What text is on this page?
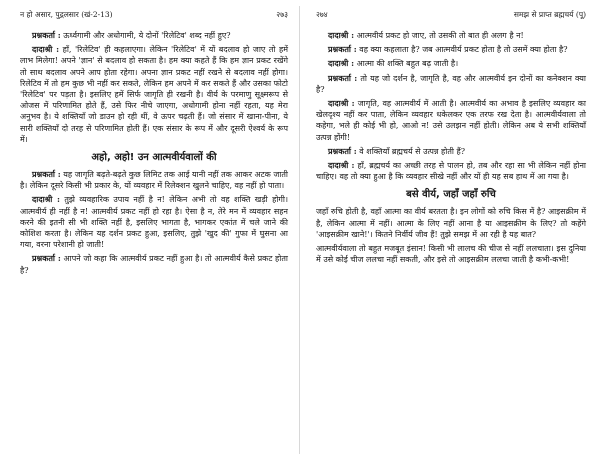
न हो असार, पुद्गलसार (खं-2-13)	२७३

प्रश्नकर्ता : ऊर्ध्वगामी और अधोगामी, ये दोनों 'रिलेटिव' शब्द नहीं हुए?

दादाश्री : हाँ, 'रिलेटिव' ही कहलाएगा। लेकिन 'रिलेटिव' में यों बदलाव हो जाए तो हमें लाभ मिलेगा! अपने 'ज्ञान' से बदलाव हो सकता है। हम क्या कहते हैं कि हम ज्ञान प्रकट रखेंगे तो साथ बदलाव अपने आप होता रहेगा। अपना ज्ञान प्रकट नहीं रखने से बदलाव नहीं होगा। रिलेटिव में तो हम कुछ भी नहीं कर सकते, लेकिन हम अपने में कर सकते हैं और उसका फोटो 'रिलेटिव' पर पड़ता है। इसलिए हमें सिर्फ जागृति ही रखनी है। वीर्य के परमाणु सूक्ष्मरूप से ओजस में परिणामित होते हैं, उसे फिर नीचे जाएगा, अधोगामी होना नहीं रहता, यह मेरा अनुभव है। ये शक्तियाँ जो डाउन हो रही थीं, वे ऊपर चढ़ती हैं। जो संसार में खाना-पीना, ये सारी शक्तियाँ दो तरह से परिणामित होती हैं। एक संसार के रूप में और दूसरी ऐश्वर्य के रूप में।

अहो, अहो! उन आत्मवीर्यवालों की

प्रश्नकर्ता : यह जागृति बढ़ते-बढ़ते कुछ लिमिट तक आई यानी नहीं तक आकर अटक जाती है। लेकिन दूसरे किसी भी प्रकार के, यों व्यवहार में रिलेक्शन खुलने चाहिए, वह नहीं हो पाता।

दादाश्री : तुझे व्यवहारिक उपाय नहीं है न! लेकिन अभी तो वह शक्ति खड़ी होगी। आत्मवीर्य ही नहीं है न! आत्मवीर्य प्रकट नहीं हो रहा है। ऐसा है न, तेरे मन में व्यवहार सहन करने की इतनी सी भी शक्ति नहीं है, इसलिए भागता है, भागकर एकांत में चले जाने की कोशिश करता है। लेकिन यह दर्शन प्रकट हुआ, इसलिए, तुझे 'खुद की' गुफा में घुसना आ गया, वरना परेशानी हो जाती!

प्रश्नकर्ता : आपने जो कहा कि आत्मवीर्य प्रकट नहीं हुआ है। तो आत्मवीर्य कैसे प्रकट होता है?

२७४	समझ से प्राप्त ब्रह्मचर्य (पू)

दादाश्री : आत्मवीर्य प्रकट हो जाए, तो उसकी तो बात ही अलग है न!

प्रश्नकर्ता : वह क्या कहलाता है? जब आत्मवीर्य प्रकट होता है तो उसमें क्या होता है?

दादाश्री : आत्मा की शक्ति बहुत बढ़ जाती है।

प्रश्नकर्ता : तो यह जो दर्शन है, जागृति है, वह और आत्मवीर्य इन दोनों का कनेक्शन क्या है?

दादाश्री : जागृति, वह आत्मवीर्य में आती है। आत्मवीर्य का अभाव है इसलिए व्यवहार का खेलदृश्य नहीं कर पाता, लेकिन व्यवहार धकेलकर एक तरफ रख देता है। आत्मवीर्यवाला तो कहेगा, भले ही कोई भी हो, आओ न! उसे उलझन नहीं होती। लेकिन अब ये सभी शक्तियाँ उत्पन्न होंगी!

प्रश्नकर्ता : वे शक्तियाँ ब्रह्मचर्य से उत्पन्न होती हैं?

दादाश्री : हाँ, ब्रह्मचर्य का अच्छी तरह से पालन हो, तब और रहा सा भी लेकिन नहीं होना चाहिए। वह तो क्या हुआ है कि व्यवहार सीखे नहीं और यों ही यह सब हाथ में आ गया है।

बसे वीर्य, जहाँ जहाँ रुचि

जहाँ रुचि होती है, वहाँ आत्मा का वीर्य बरतता है। इन लोगों को रुचि किस में है? आइसक्रीम में है, लेकिन आत्मा में नहीं। आत्मा के लिए नहीं आना है या आइसक्रीम के लिए? तो कहेंगे 'आइसक्रीम खाने!'। कितने निर्वीर्य जीव हैं! तुझे समझ में आ रही है यह बात?

आत्मवीर्यवाला तो बहुत मजबूत इंसान! किसी भी लालच की चीज से नहीं ललचाता। इस दुनिया में उसे कोई चीज ललचा नहीं सकती, और इसे तो आइसक्रीम ललचा जाती है कभी-कभी!
